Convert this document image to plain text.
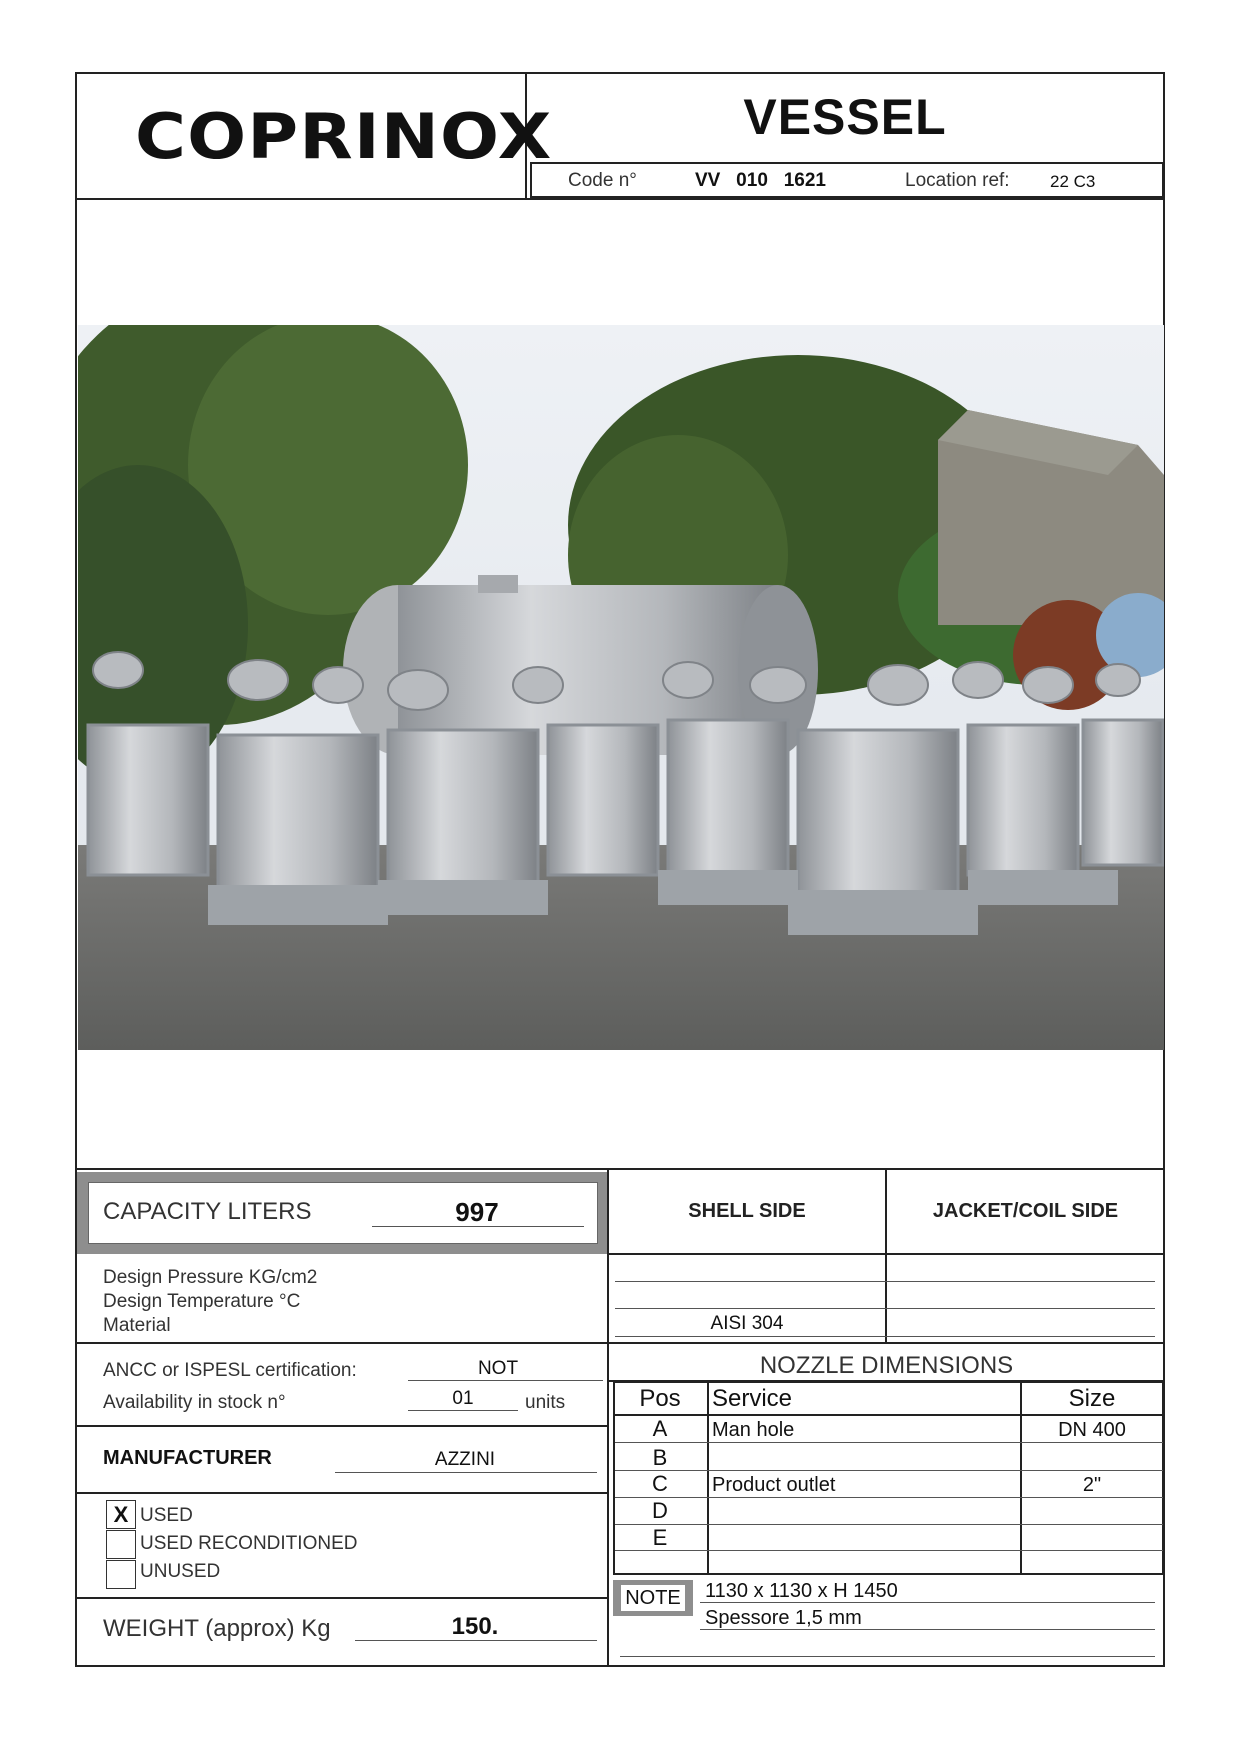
COPRINOX	VESSEL
Code n°	VV   010   1621	Location ref: 22 C3
CAPACITY LITERS	997	SHELL SIDE	JACKET/COIL SIDE
Design Pressure KG/cm2
Design Temperature °C
Material	AISI 304
ANCC or ISPESL certification:	NOT
Availability in stock n°	01	units
MANUFACTURER	AZZINI
X USED
USED RECONDITIONED
UNUSED
WEIGHT (approx) Kg	150.
NOZZLE DIMENSIONS
Pos	Service	Size
A	Man hole	DN 400
B
C	Product outlet	2"
D
E
NOTE 1130 x 1130 x H 1450
Spessore 1,5 mm
